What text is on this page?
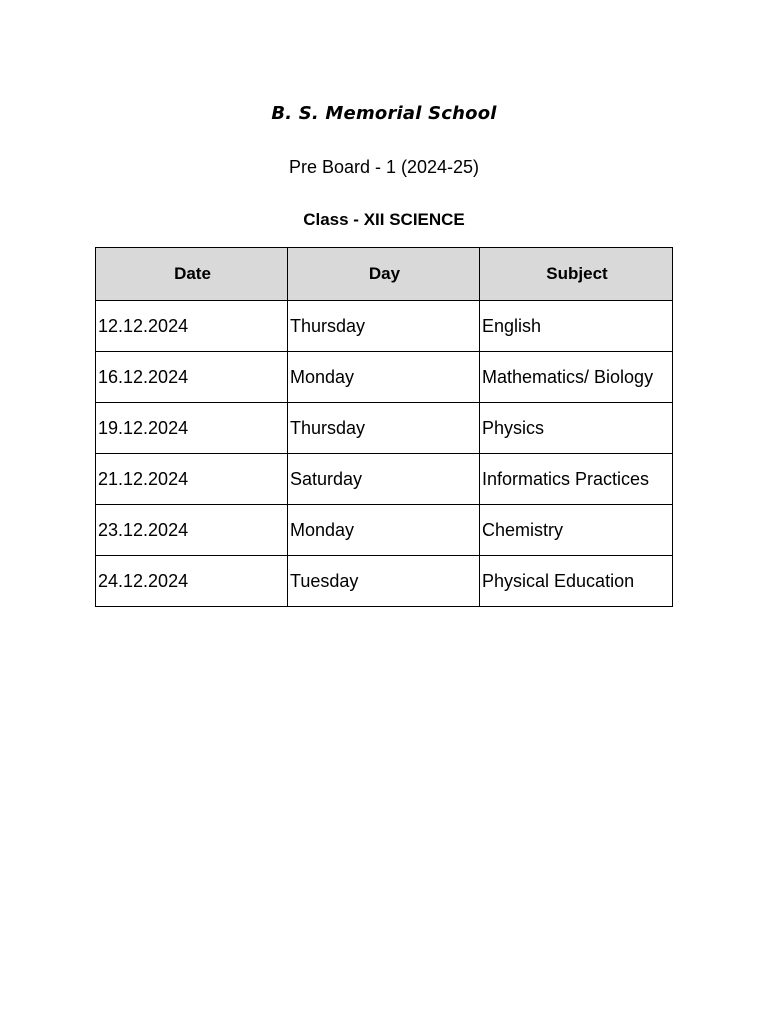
B. S. Memorial School
Pre Board - 1 (2024-25)
Class - XII SCIENCE
Date	Day	Subject
12.12.2024	Thursday	English
16.12.2024	Monday	Mathematics/ Biology
19.12.2024	Thursday	Physics
21.12.2024	Saturday	Informatics Practices
23.12.2024	Monday	Chemistry
24.12.2024	Tuesday	Physical Education
